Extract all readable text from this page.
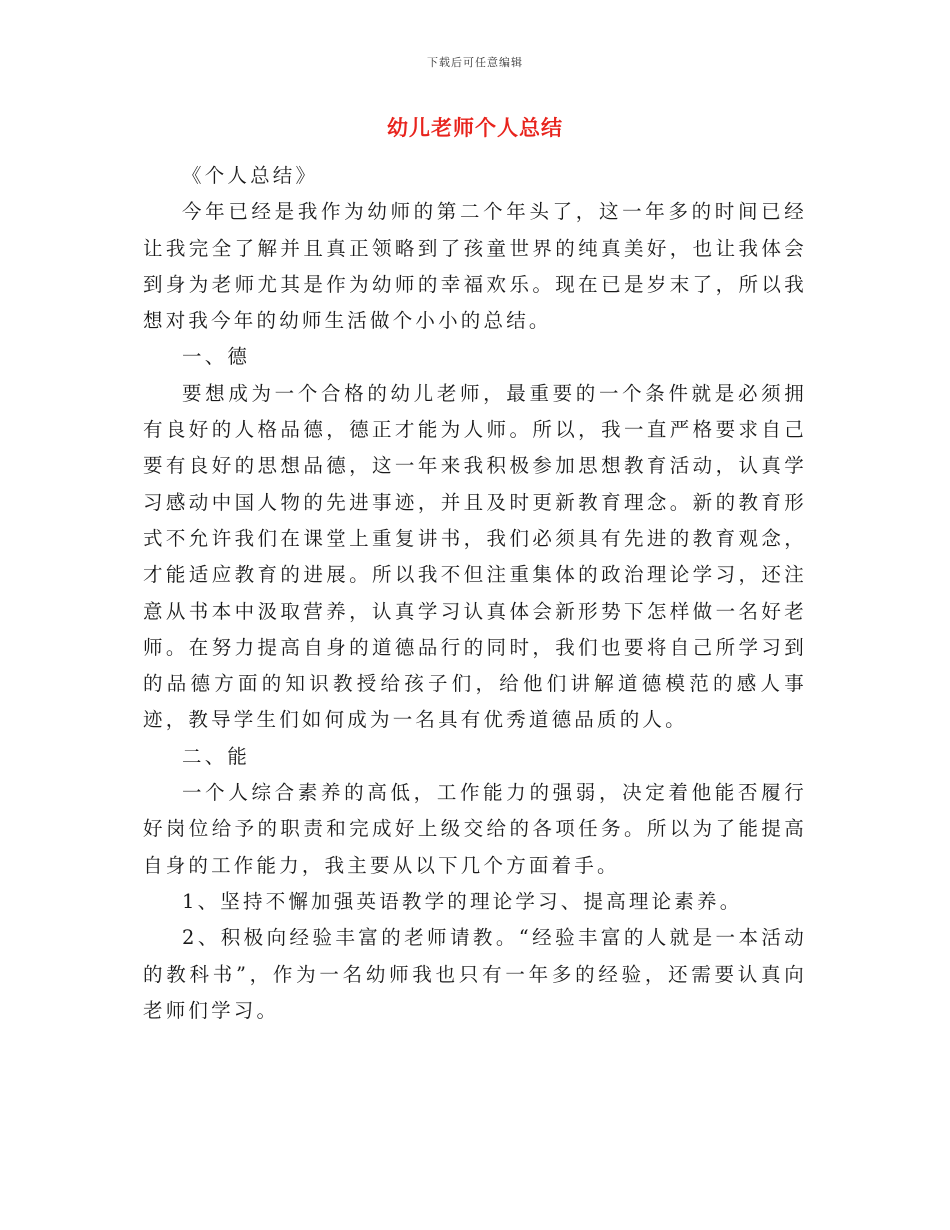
下载后可任意编辑
幼儿老师个人总结

《个人总结》

今年已经是我作为幼师的第二个年头了，这一年多的时间已经让我完全了解并且真正领略到了孩童世界的纯真美好，也让我体会到身为老师尤其是作为幼师的幸福欢乐。现在已是岁末了，所以我想对我今年的幼师生活做个小小的总结。

一、德

要想成为一个合格的幼儿老师，最重要的一个条件就是必须拥有良好的人格品德，德正才能为人师。所以，我一直严格要求自己要有良好的思想品德，这一年来我积极参加思想教育活动，认真学习感动中国人物的先进事迹，并且及时更新教育理念。新的教育形式不允许我们在课堂上重复讲书，我们必须具有先进的教育观念，才能适应教育的进展。所以我不但注重集体的政治理论学习，还注意从书本中汲取营养，认真学习认真体会新形势下怎样做一名好老师。在努力提高自身的道德品行的同时，我们也要将自己所学习到的品德方面的知识教授给孩子们，给他们讲解道德模范的感人事迹，教导学生们如何成为一名具有优秀道德品质的人。

二、能

一个人综合素养的高低，工作能力的强弱，决定着他能否履行好岗位给予的职责和完成好上级交给的各项任务。所以为了能提高自身的工作能力，我主要从以下几个方面着手。

1、坚持不懈加强英语教学的理论学习、提高理论素养。

2、积极向经验丰富的老师请教。“经验丰富的人就是一本活动的教科书”，作为一名幼师我也只有一年多的经验，还需要认真向老师们学习。
